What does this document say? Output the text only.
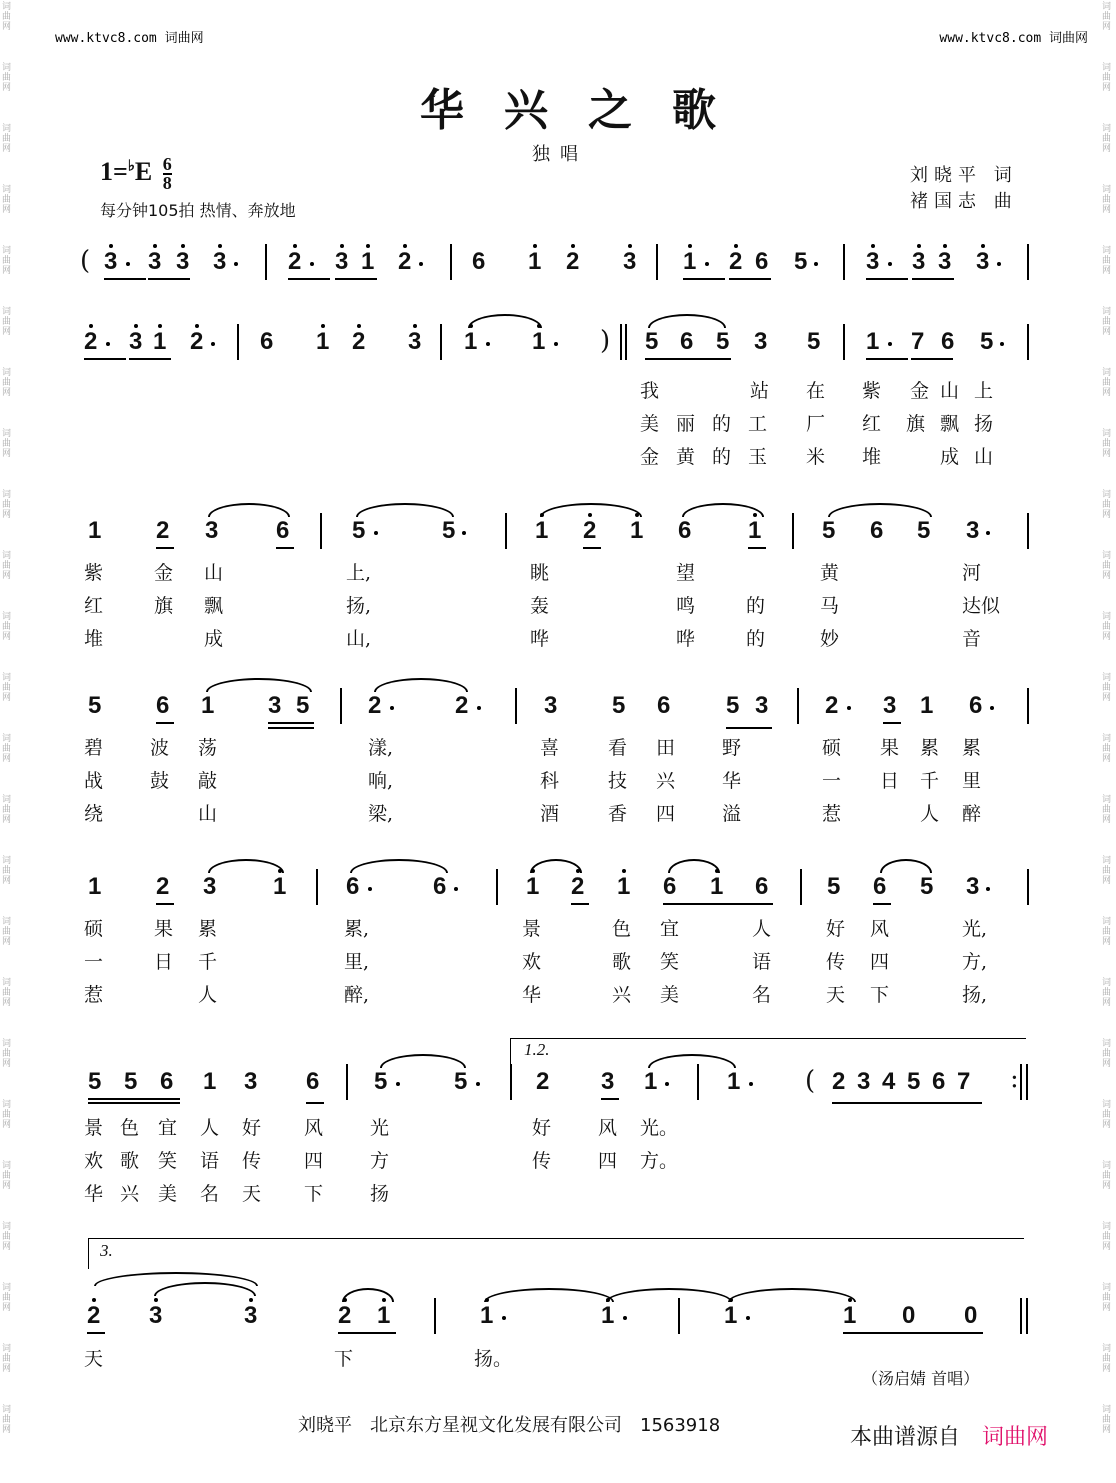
词
曲
网
词
曲
网
词
曲
网
词
曲
网
词
曲
网
词
曲
网
词
曲
网
词
曲
网
词
曲
网
词
曲
网
词
曲
网
词
曲
网
词
曲
网
词
曲
网
词
曲
网
词
曲
网
词
曲
网
词
曲
网
词
曲
网
词
曲
网
词
曲
网
词
曲
网
词
曲
网
词
曲
网
词
曲
网
词
曲
网
词
曲
网
词
曲
网
词
曲
网
词
曲
网
词
曲
网
词
曲
网
词
曲
网
词
曲
网
词
曲
网
词
曲
网
词
曲
网
词
曲
网
词
曲
网
词
曲
网
词
曲
网
词
曲
网
词
曲
网
词
曲
网
词
曲
网
词
曲
网
词
曲
网
词
曲
网
www.ktvc8.com 词曲网	www.ktvc8.com 词曲网
华兴之歌
独唱
$1=^♭E \frac{6}{8}$
每分钟105拍 热情、奔放地
刘晓平 词
褚国志 曲
( 3 3 3 3	2 3 1 2	6 1 2 3 1 2 6 5 3 3 3 3
2 3 1 2 6 1 2 3 1 1 ) 5 6 5 3 5 1 7 6 5
我	站 在 紫 金 山 上
美 丽 的 工 厂 红 旗 飘 扬
金 黄 的 玉 米 堆	成 山
1 2 3 6	5	5	1 2 1 6 1	5 6 5 3
紫	金 山	上,	眺	望	黄	河
红	旗 飘	扬,	轰	鸣	的	马	达似
堆	成	山,	哗	哗	的	妙	音
5 6 1 3 5 2	2	3 5 6 5 3 2 3 1 6
碧 波 荡	漾,	喜	看 田 野	硕 果 累 累
战 鼓 敲	响,	科	技 兴 华	一 日 千 里
绕	山	梁,	酒	香 四 溢	惹	人 醉
1 2 3 1 6	6	1 2 1 6 1 6 5 6 5 3
硕	果 累	累,	景	色 宜	人	好 风	光,
一	日 千	里,	欢	歌 笑	语	传 四	方,
惹	人	醉,	华	兴 美	名	天 下	扬,
5 5 6 1 3 6 5	5	2 3 1	1 ( 2 3 4 5 6 7 :
景 色 宜 人 好 风 光	好 风 光。
欢 歌 笑 语 传 四 方	传 四 方。
华 兴 美 名 天 下 扬
2 3	3	2 1	1	1	1	1 0 0
天	下	扬。
1.2.
3.
（汤启婧 首唱）
刘晓平　北京东方星视文化发展有限公司　1563918	本曲谱源自　 词曲网
